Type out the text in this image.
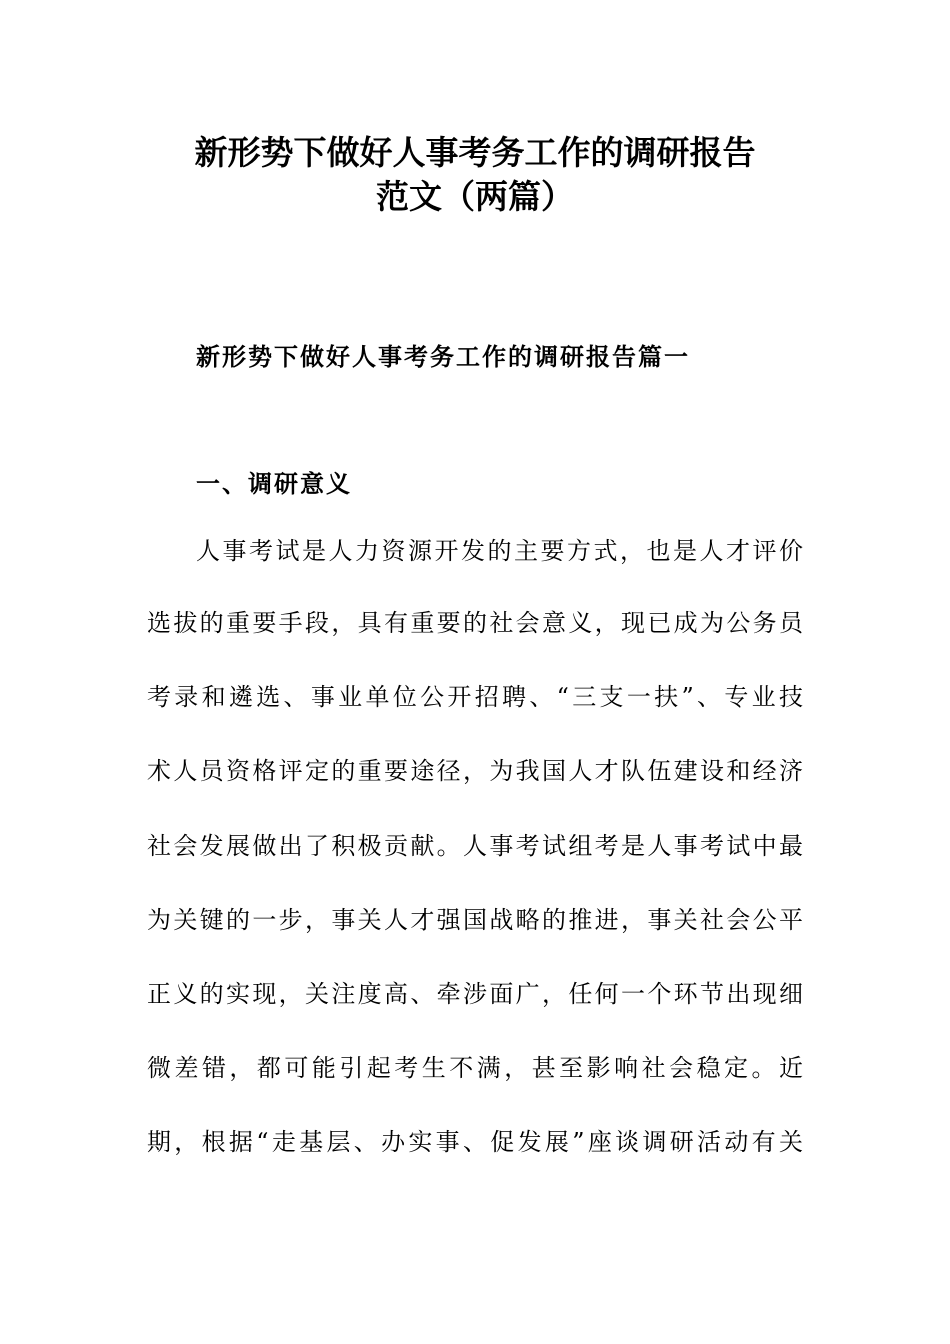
新形势下做好人事考务工作的调研报告
范文（两篇）
新形势下做好人事考务工作的调研报告篇一
一、调研意义
人事考试是人力资源开发的主要方式，也是人才评价
选拔的重要手段，具有重要的社会意义，现已成为公务员
考录和遴选、事业单位公开招聘、“三支一扶”、专业技
术人员资格评定的重要途径，为我国人才队伍建设和经济
社会发展做出了积极贡献。人事考试组考是人事考试中最
为关键的一步，事关人才强国战略的推进，事关社会公平
正义的实现，关注度高、牵涉面广，任何一个环节出现细
微差错，都可能引起考生不满，甚至影响社会稳定。近
期，根据“走基层、办实事、促发展”座谈调研活动有关
